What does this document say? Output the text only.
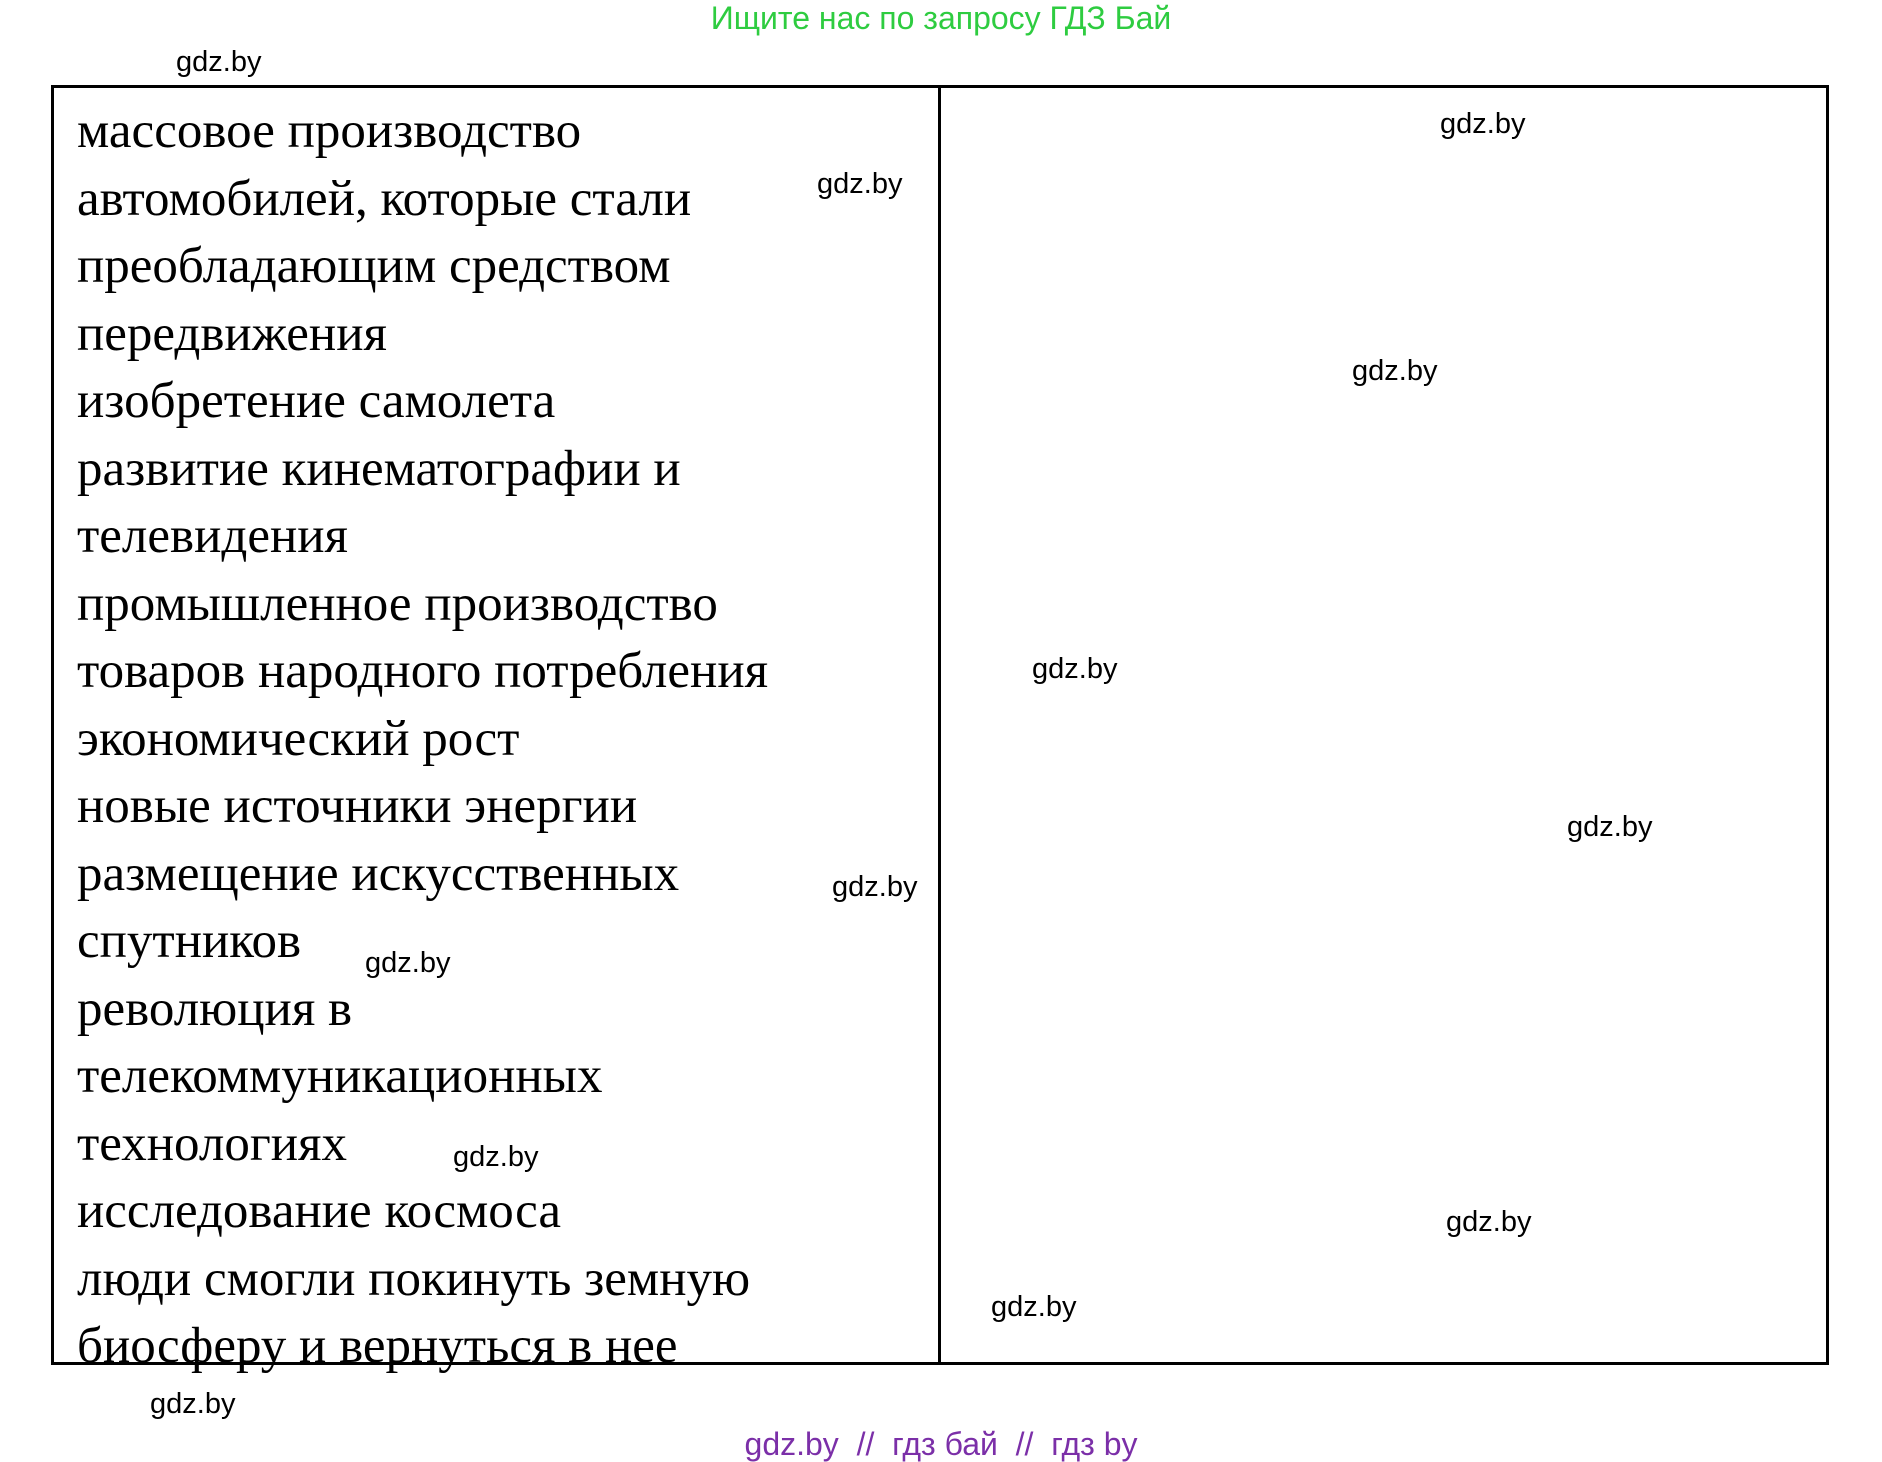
Ищите нас по запросу ГДЗ Бай

массовое производство

автомобилей, которые стали

преобладающим средством

передвижения

изобретение самолета

развитие кинематографии и

телевидения

промышленное производство

товаров народного потребления

экономический рост

новые источники энергии

размещение искусственных

спутников

революция в

телекоммуникационных

технологиях

исследование космоса

люди смогли покинуть земную

биосферу и вернуться в нее

gdz.by
gdz.by
gdz.by
gdz.by
gdz.by
gdz.by
gdz.by
gdz.by
gdz.by
gdz.by
gdz.by
gdz.by
gdz.by  //  гдз бай  //  гдз by
